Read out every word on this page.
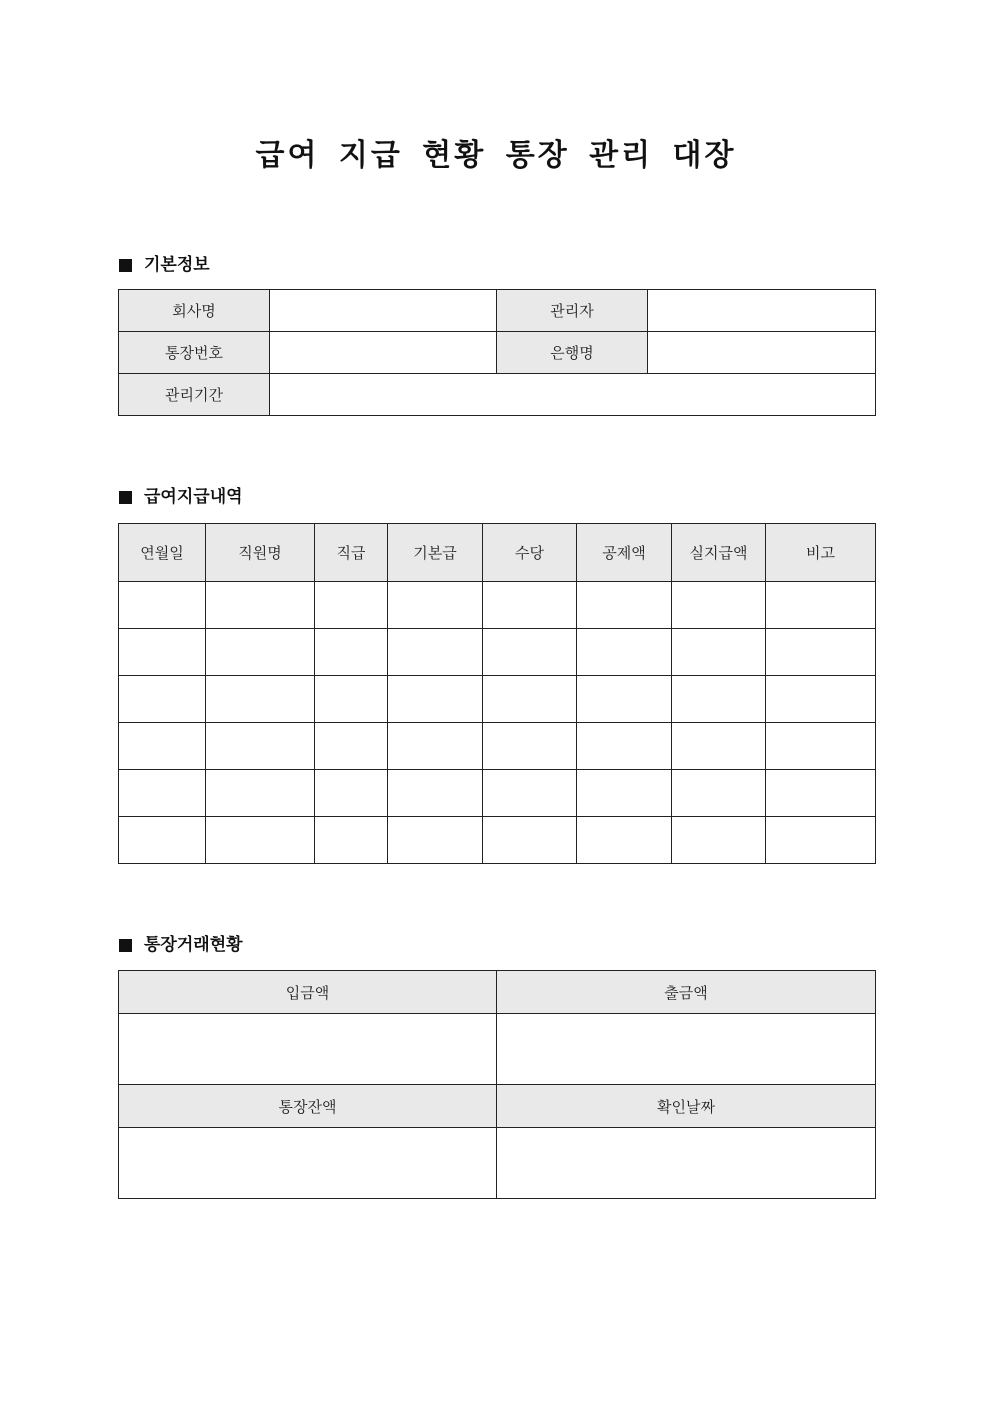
급여 지급 현황 통장 관리 대장
기본정보
회사명		관리자	
통장번호		은행명	
관리기간			
급여지급내역
연월일	직원명	직급	기본급	수당	공제액	실지급액	비고

통장거래현황
입금액	출금액

통장잔액	확인날짜
